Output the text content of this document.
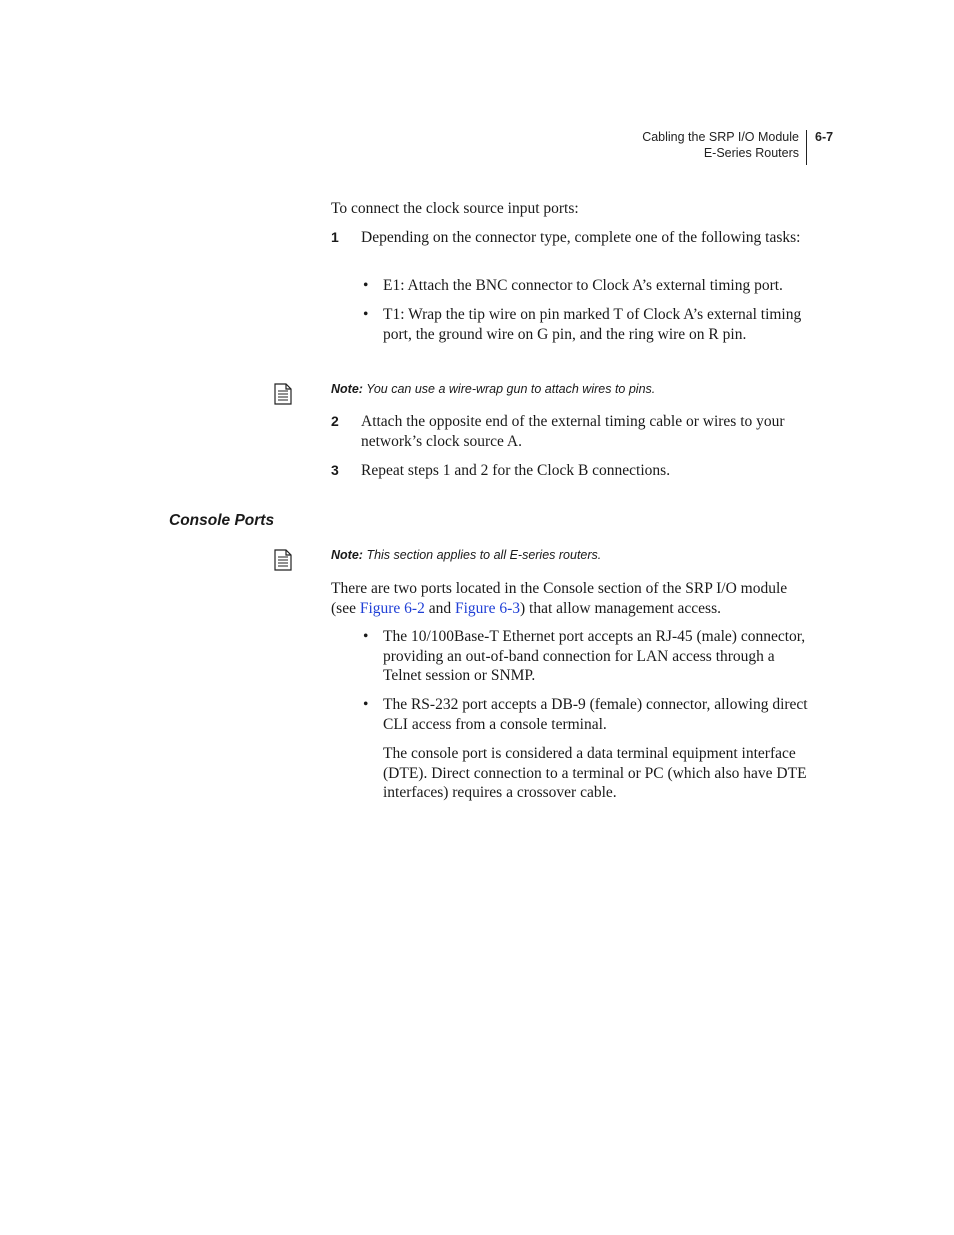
Cabling the SRP I/O Module
E-Series Routers
6-7
To connect the clock source input ports:
1 Depending on the connector type, complete one of the following tasks:
• E1: Attach the BNC connector to Clock A’s external timing port.
• T1: Wrap the tip wire on pin marked T of Clock A’s external timing port, the ground wire on G pin, and the ring wire on R pin.
Note: You can use a wire-wrap gun to attach wires to pins.
2 Attach the opposite end of the external timing cable or wires to your network’s clock source A.
3 Repeat steps 1 and 2 for the Clock B connections.
Console Ports
Note: This section applies to all E-series routers.
There are two ports located in the Console section of the SRP I/O module (see Figure 6-2 and Figure 6-3) that allow management access.
• The 10/100Base-T Ethernet port accepts an RJ-45 (male) connector, providing an out-of-band connection for LAN access through a Telnet session or SNMP.
• The RS-232 port accepts a DB-9 (female) connector, allowing direct CLI access from a console terminal.
The console port is considered a data terminal equipment interface (DTE). Direct connection to a terminal or PC (which also have DTE interfaces) requires a crossover cable.
